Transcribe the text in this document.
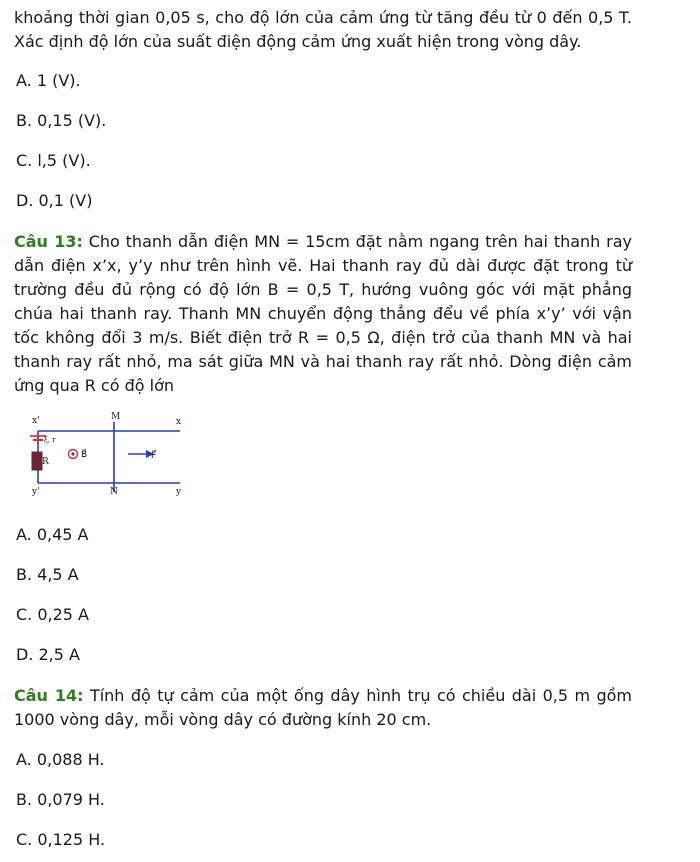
khoảng thời gian 0,05 s, cho độ lớn của cảm ứng từ tăng đều từ 0 đến 0,5 T. Xác định độ lớn của suất điện động cảm ứng xuất hiện trong vòng dây.

A. 1 (V).

B. 0,15 (V).

C. l,5 (V).

D. 0,1 (V)

Câu 13: Cho thanh dẫn điện MN = 15cm đặt nằm ngang trên hai thanh ray dẫn điện x’x, y’y như trên hình vẽ. Hai thanh ray đủ dài được đặt trong từ trường đều đủ rộng có độ lớn B = 0,5 T, hướng vuông góc với mặt phẳng chúa hai thanh ray. Thanh MN chuyển động thẳng đểu về phía x’y’ với vận tốc không đổi 3 m/s. Biết điện trở R = 0,5 Ω, điện trở của thanh MN và hai thanh ray rất nhỏ, ma sát giữa MN và hai thanh ray rất nhỏ. Dòng điện cảm ứng qua R có độ lớn

x'	x
y'	y
M
N
R
B⃗	F⃗
ξ, r

A. 0,45 A

B. 4,5 A

C. 0,25 A

D. 2,5 A

Câu 14: Tính độ tự cảm của một ống dây hình trụ có chiều dài 0,5 m gồm 1000 vòng dây, mỗi vòng dây có đường kính 20 cm.

A. 0,088 H.

B. 0,079 H.

C. 0,125 H.
